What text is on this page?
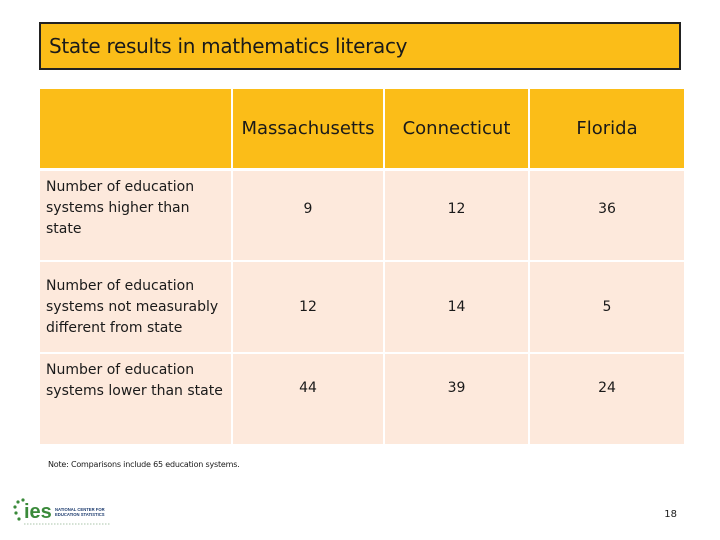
State results in mathematics literacy
	Massachusetts	Connecticut	Florida
Number of education systems higher than state	9	12	36
Number of education systems not measurably different from state	12	14	5
Number of education systems lower than state	44	39	24
Note: Comparisons include 65 education systems.
ies NATIONAL CENTER FOR
EDUCATION STATISTICS	18
